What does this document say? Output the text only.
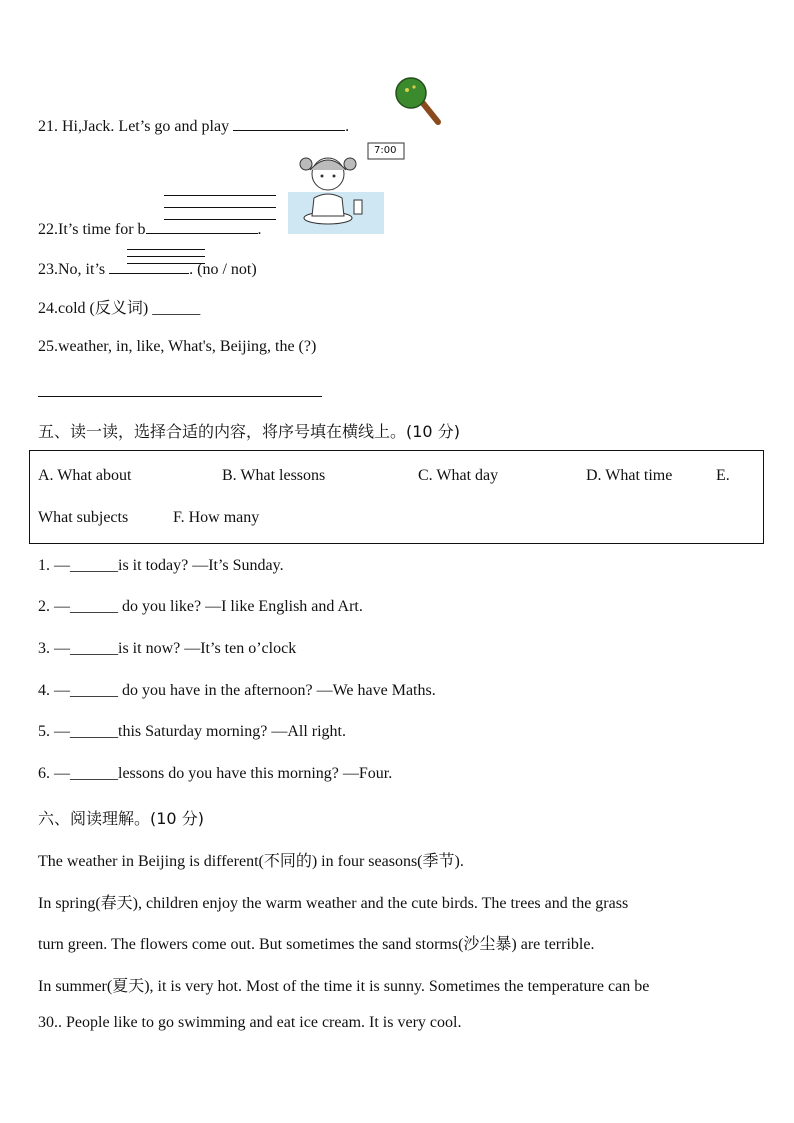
21. Hi,Jack. Let’s go and play	.
7:00
22.It’s time for b	.
23.No, it’s	. (no / not)
24.cold (反义词) ______
25.weather, in, like, What's, Beijing, the (?)
五、读一读，选择合适的内容，将序号填在横线上。(10 分)
A. What about	B. What lessons	C. What day	D. What time	E.
What subjects	F. How many
1. —______is it today? —It’s Sunday.
2. —______ do you like? —I like English and Art.
3. —______is it now? —It’s ten o’clock
4. —______ do you have in the afternoon? —We have Maths.
5. —______this Saturday morning? —All right.
6. —______lessons do you have this morning? —Four.
六、阅读理解。(10 分)
The weather in Beijing is different(不同的) in four seasons(季节).
In spring(春天), children enjoy the warm weather and the cute birds. The trees and the grass
turn green. The flowers come out. But sometimes the sand storms(沙尘暴) are terrible.
In summer(夏天), it is very hot. Most of the time it is sunny. Sometimes the temperature can be
30.. People like to go swimming and eat ice cream. It is very cool.
